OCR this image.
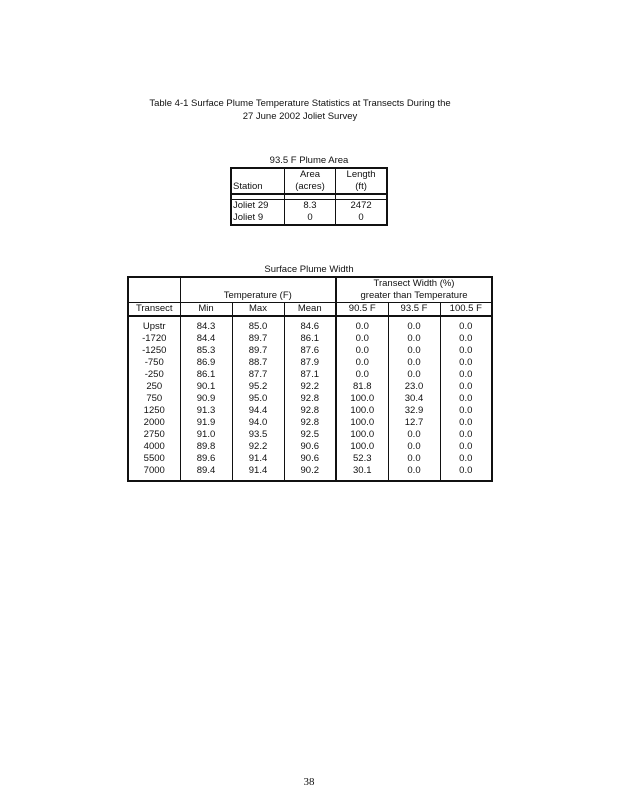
Table 4-1 Surface Plume Temperature Statistics at Transects During the
27 June 2002 Joliet Survey
93.5 F Plume Area
	Area	Length
Station	(acres)	(ft)

Joliet 29	8.3	2472
Joliet 9	0	0
Surface Plume Width
				Transect Width (%)		
	Temperature (F)			greater than Temperature		
Transect	Min	Max	Mean	90.5 F	93.5 F	100.5 F

Upstr	84.3	85.0	84.6	0.0	0.0	0.0
-1720	84.4	89.7	86.1	0.0	0.0	0.0
-1250	85.3	89.7	87.6	0.0	0.0	0.0
-750	86.9	88.7	87.9	0.0	0.0	0.0
-250	86.1	87.7	87.1	0.0	0.0	0.0
250	90.1	95.2	92.2	81.8	23.0	0.0
750	90.9	95.0	92.8	100.0	30.4	0.0
1250	91.3	94.4	92.8	100.0	32.9	0.0
2000	91.9	94.0	92.8	100.0	12.7	0.0
2750	91.0	93.5	92.5	100.0	0.0	0.0
4000	89.8	92.2	90.6	100.0	0.0	0.0
5500	89.6	91.4	90.6	52.3	0.0	0.0
7000	89.4	91.4	90.2	30.1	0.0	0.0

38
